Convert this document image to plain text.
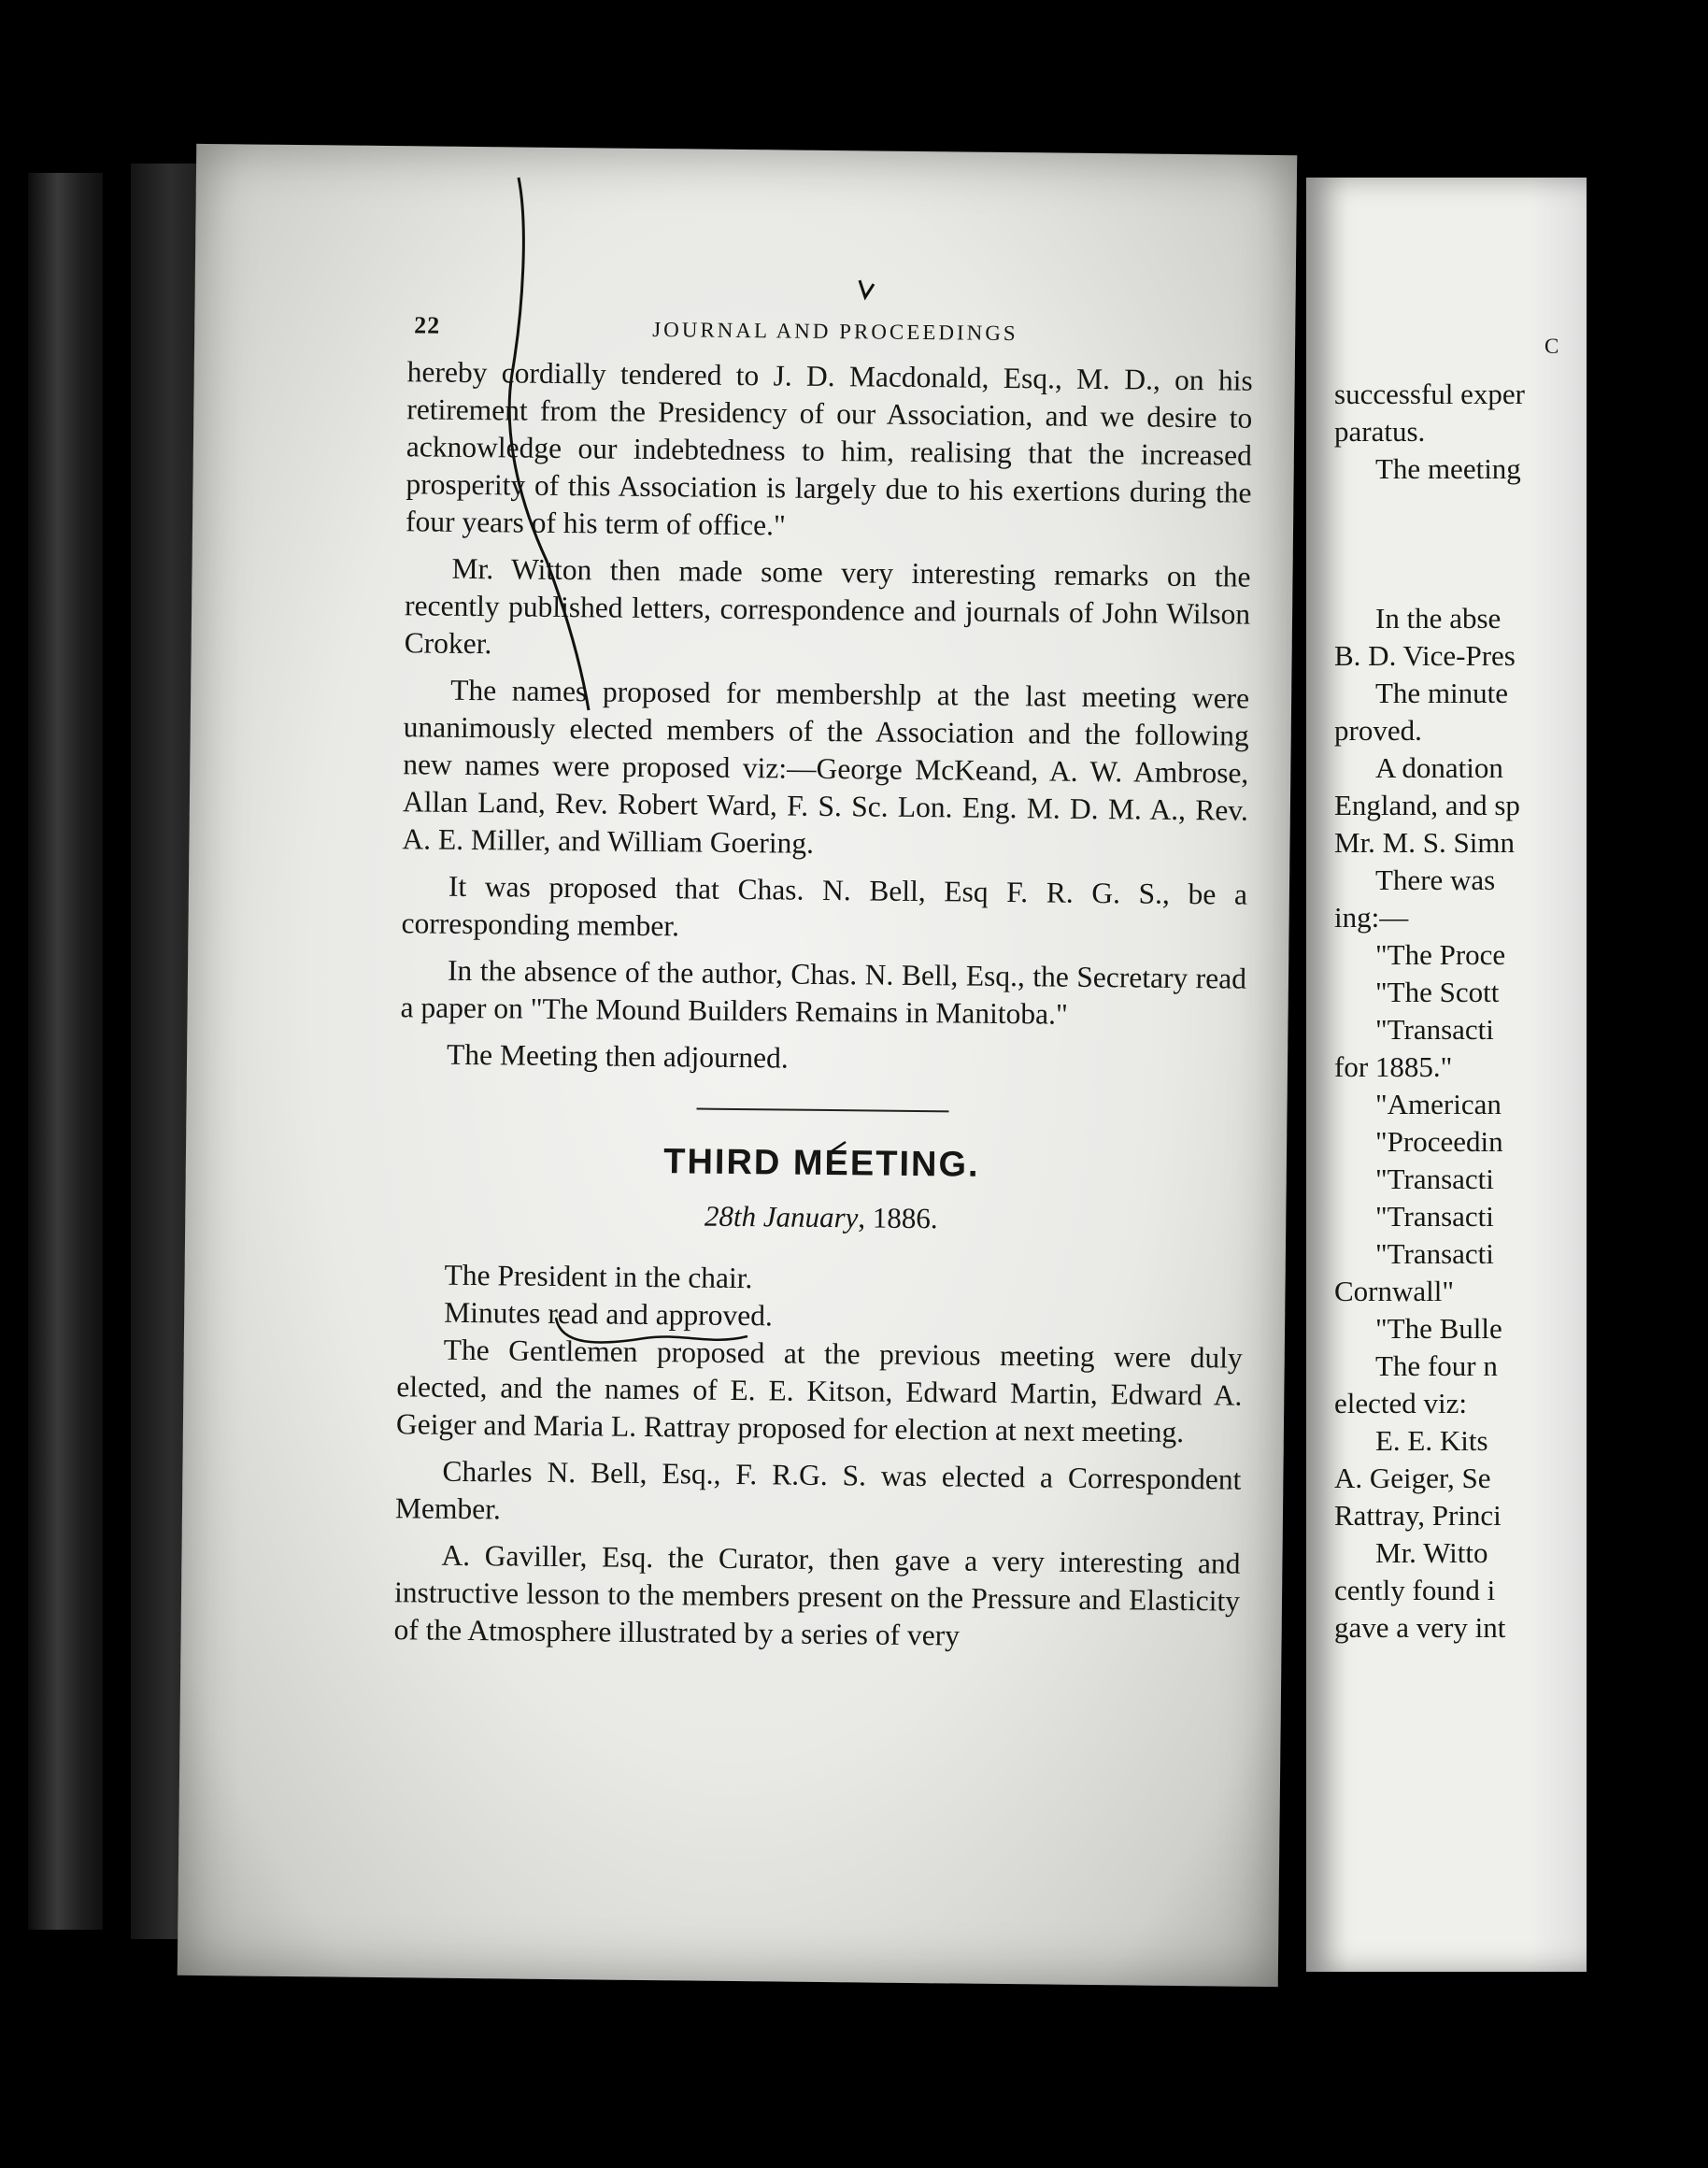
22	JOURNAL AND PROCEEDINGS

hereby cordially tendered to J. D. Macdonald, Esq., M. D., on his retirement from the Presidency of our Association, and we desire to acknowledge our indebtedness to him, realising that the increased prosperity of this Association is largely due to his exertions during the four years of his term of office."

Mr. Witton then made some very interesting remarks on the recently published letters, correspondence and journals of John Wilson Croker.

The names proposed for membershlp at the last meeting were unanimously elected members of the Association and the following new names were proposed viz:—George McKeand, A. W. Ambrose, Allan Land, Rev. Robert Ward, F. S. Sc. Lon. Eng. M. D. M. A., Rev. A. E. Miller, and William Goering.

It was proposed that Chas. N. Bell, Esq F. R. G. S., be a corresponding member.

In the absence of the author, Chas. N. Bell, Esq., the Secretary read a paper on "The Mound Builders Remains in Manitoba."

The Meeting then adjourned.

THIRD MEETING.
28th January, 1886.

The President in the chair.

Minutes read and approved.

The Gentlemen proposed at the previous meeting were duly elected, and the names of E. E. Kitson, Edward Martin, Edward A. Geiger and Maria L. Rattray proposed for election at next meeting.

Charles N. Bell, Esq., F. R.G. S. was elected a Correspondent Member.

A. Gaviller, Esq. the Curator, then gave a very interesting and instructive lesson to the members present on the Pressure and Elasticity of the Atmosphere illustrated by a series of very

C
successful exper
paratus.
The meeting
In the abse
B. D. Vice-Pres
The minute
proved.
A donation
England, and sp
Mr. M. S. Simn
There was
ing:—
"The Proce
"The Scott
"Transacti
for 1885."
"American
"Proceedin
"Transacti
"Transacti
"Transacti
Cornwall"
"The Bulle
The four n
elected viz:
E. E. Kits
A. Geiger, Se
Rattray, Princi
Mr. Witto
cently found i
gave a very int
